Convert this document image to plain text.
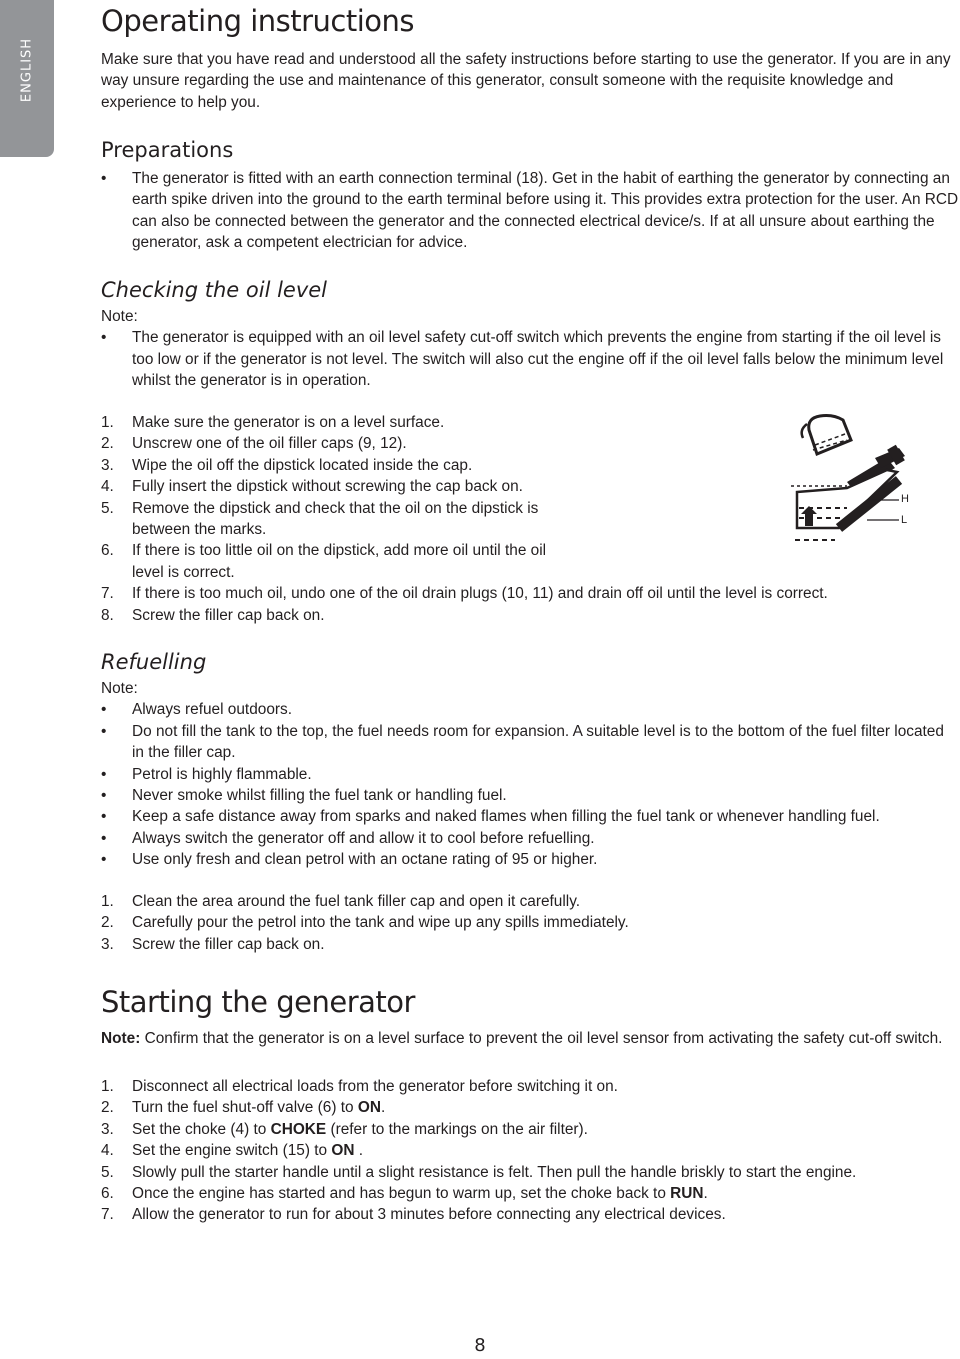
ENGLISH
Operating instructions

Make sure that you have read and understood all the safety instructions before starting to use the generator. If you are in any way unsure regarding the use and maintenance of this generator, consult someone with the requisite knowledge and experience to help you.

Preparations
• The generator is fitted with an earth connection terminal (18). Get in the habit of earthing the generator by connecting an earth spike driven into the ground to the earth terminal before using it. This provides extra protection for the user. An RCD can also be connected between the generator and the connected electrical device/s. If at all unsure about earthing the generator, ask a competent electrician for advice.
Checking the oil level

Note:

• The generator is equipped with an oil level safety cut-off switch which prevents the engine from starting if the oil level is too low or if the generator is not level. The switch will also cut the engine off if the oil level falls below the minimum level whilst the generator is in operation.
1. Make sure the generator is on a level surface.
2. Unscrew one of the oil filler caps (9, 12).
3. Wipe the oil off the dipstick located inside the cap.
4. Fully insert the dipstick without screwing the cap back on.
5. Remove the dipstick and check that the oil on the dipstick is between the marks.
6. If there is too little oil on the dipstick, add more oil until the oil level is correct.
7. If there is too much oil, undo one of the oil drain plugs (10, 11) and drain off oil until the level is correct.
8. Screw the filler cap back on.
Refuelling

Note:

• Always refuel outdoors.
• Do not fill the tank to the top, the fuel needs room for expansion. A suitable level is to the bottom of the fuel filter located in the filler cap.
• Petrol is highly flammable.
• Never smoke whilst filling the fuel tank or handling fuel.
• Keep a safe distance away from sparks and naked flames when filling the fuel tank or whenever handling fuel.
• Always switch the generator off and allow it to cool before refuelling.
• Use only fresh and clean petrol with an octane rating of 95 or higher.
1. Clean the area around the fuel tank filler cap and open it carefully.
2. Carefully pour the petrol into the tank and wipe up any spills immediately.
3. Screw the filler cap back on.
Starting the generator

Note: Confirm that the generator is on a level surface to prevent the oil level sensor from activating the safety cut-off switch.

1. Disconnect all electrical loads from the generator before switching it on.
2. Turn the fuel shut-off valve (6) to ON.
3. Set the choke (4) to CHOKE (refer to the markings on the air filter).
4. Set the engine switch (15) to ON .
5. Slowly pull the starter handle until a slight resistance is felt. Then pull the handle briskly to start the engine.
6. Once the engine has started and has begun to warm up, set the choke back to RUN.
7. Allow the generator to run for about 3 minutes before connecting any electrical devices.
H
L
8
